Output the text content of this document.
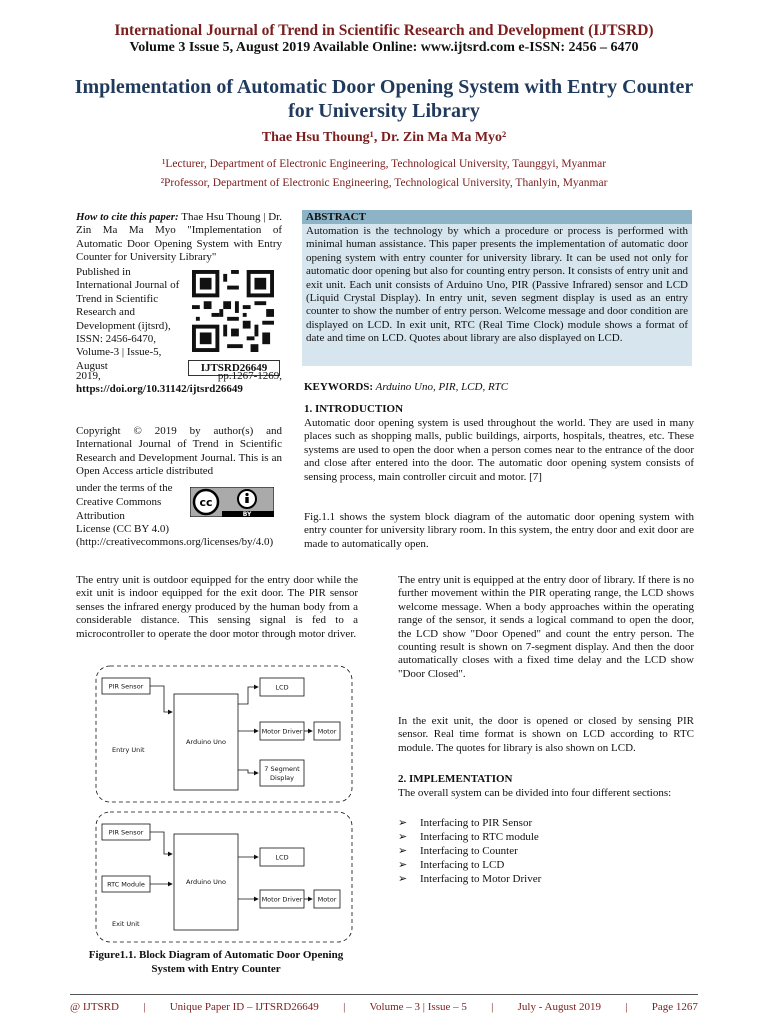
International Journal of Trend in Scientific Research and Development (IJTSRD)
Volume 3 Issue 5, August 2019 Available Online: www.ijtsrd.com e-ISSN: 2456 – 6470
Implementation of Automatic Door Opening System with Entry Counter for University Library
Thae Hsu Thoung¹, Dr. Zin Ma Ma Myo²
¹Lecturer, Department of Electronic Engineering, Technological University, Taunggyi, Myanmar
²Professor, Department of Electronic Engineering, Technological University, Thanlyin, Myanmar
How to cite this paper: Thae Hsu Thoung | Dr. Zin Ma Ma Myo "Implementation of Automatic Door Opening System with Entry Counter for University Library"
Published in International Journal of Trend in Scientific Research and Development (ijtsrd), ISSN: 2456-6470, Volume-3 | Issue-5, August	IJTSRD26649
2019,	pp.1267-1269,
https://doi.org/10.31142/ijtsrd26649
Copyright © 2019 by author(s) and International Journal of Trend in Scientific Research and Development Journal. This is an Open Access article distributed
under the terms of the Creative Commons Attribution
cc
BY
License (CC BY 4.0) (http://creativecommons.org/licenses/by/4.0)
ABSTRACT
Automation is the technology by which a procedure or process is performed with minimal human assistance. This paper presents the implementation of automatic door opening system with entry counter for university library. It can be used not only for automatic door opening but also for counting entry person. It consists of entry unit and exit unit. Each unit consists of Arduino Uno, PIR (Passive Infrared) sensor and LCD (Liquid Crystal Display). In entry unit, seven segment display is used as an entry counter to show the number of entry person. Welcome message and door condition are displayed on LCD. In exit unit, RTC (Real Time Clock) module shows a format of date and time on LCD. Quotes about library are also displayed on LCD.
KEYWORDS: Arduino Uno, PIR, LCD, RTC
1. INTRODUCTION
Automatic door opening system is used throughout the world. They are used in many places such as shopping malls, public buildings, airports, hospitals, theatres, etc. These systems are used to open the door when a person comes near to the entrance of the door and close after entered into the door. The automatic door opening system consists of sensing process, main controller circuit and motor. [7]
Fig.1.1 shows the system block diagram of the automatic door opening system with entry counter for university library room. In this system, the entry door and exit door are made to automatically open.
The entry unit is outdoor equipped for the entry door while the exit unit is indoor equipped for the exit door. The PIR sensor senses the infrared energy produced by the human body from a considerable distance. This sensing signal is fed to a microcontroller to operate the door motor through motor driver.
The entry unit is equipped at the entry door of library. If there is no further movement within the PIR operating range, the LCD shows welcome message. When a body approaches within the operating range of the sensor, it sends a logical command to open the door, the LCD show "Door Opened" and count the entry person. The counting result is shown on 7-segment display. And then the door automatically closes with a fixed time delay and the LCD show "Door Closed".
In the exit unit, the door is opened or closed by sensing PIR sensor. Real time format is shown on LCD according to RTC module. The quotes for library is also shown on LCD.
2. IMPLEMENTATION
The overall system can be divided into four different sections:
➢	Interfacing to PIR Sensor
➢	Interfacing to RTC module
➢	Interfacing to Counter
➢	Interfacing to LCD
➢	Interfacing to Motor Driver
PIR Sensor
Arduino Uno
LCD
Motor Driver Motor
7 Segment
Display
Entry Unit
PIR Sensor
RTC Module	Arduino Uno
LCD
Motor Driver Motor
Exit Unit
Figure1.1. Block Diagram of Automatic Door Opening
System with Entry Counter
@ IJTSRD | Unique Paper ID – IJTSRD26649 | Volume – 3 | Issue – 5 | July - August 2019 | Page 1267
